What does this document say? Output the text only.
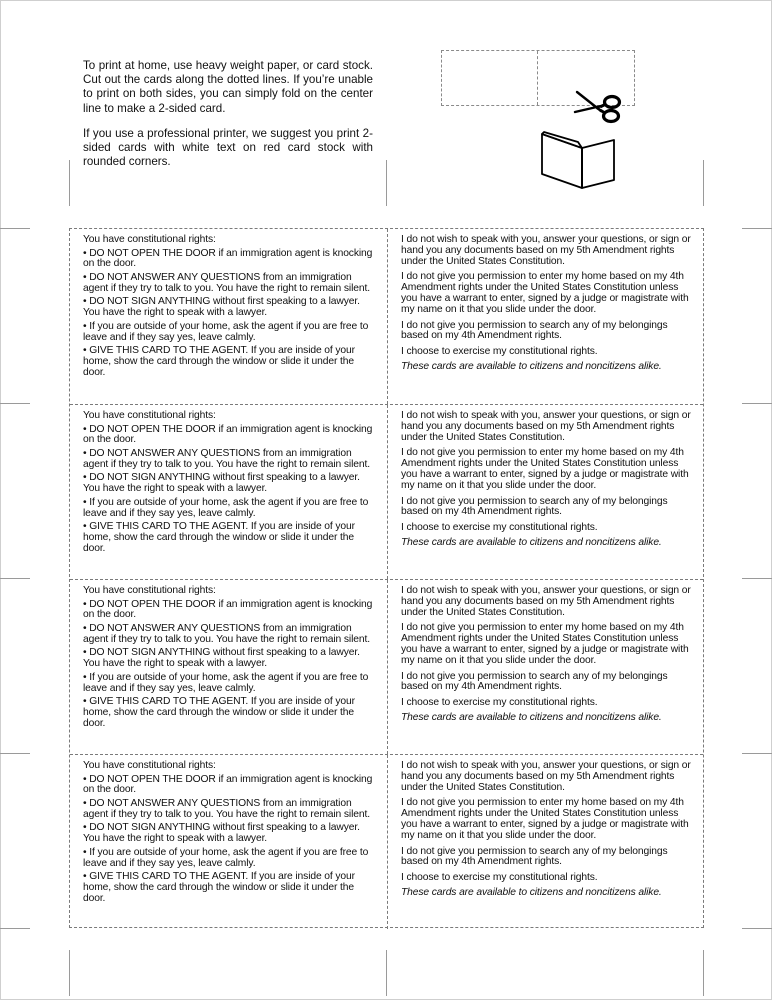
To print at home, use heavy weight paper, or card stock. Cut out the cards along the dotted lines. If you’re unable to print on both sides, you can simply fold on the center line to make a 2-sided card.

If you use a professional printer, we suggest you print 2-sided cards with white text on red card stock with rounded corners.

You have constitutional rights:
• DO NOT OPEN THE DOOR if an immigration agent is knocking on the door.
• DO NOT ANSWER ANY QUESTIONS from an immigration agent if they try to talk to you. You have the right to remain silent.
• DO NOT SIGN ANYTHING without first speaking to a lawyer. You have the right to speak with a lawyer.
• If you are outside of your home, ask the agent if you are free to leave and if they say yes, leave calmly.
• GIVE THIS CARD TO THE AGENT. If you are inside of your home, show the card through the window or slide it under the door.
I do not wish to speak with you, answer your questions, or sign or hand you any documents based on my 5th Amendment rights under the United States Constitution.
I do not give you permission to enter my home based on my 4th Amendment rights under the United States Constitution unless you have a warrant to enter, signed by a judge or magistrate with my name on it that you slide under the door.
I do not give you permission to search any of my belongings based on my 4th Amendment rights.
I choose to exercise my constitutional rights.
These cards are available to citizens and noncitizens alike.
You have constitutional rights:
• DO NOT OPEN THE DOOR if an immigration agent is knocking on the door.
• DO NOT ANSWER ANY QUESTIONS from an immigration agent if they try to talk to you. You have the right to remain silent.
• DO NOT SIGN ANYTHING without first speaking to a lawyer. You have the right to speak with a lawyer.
• If you are outside of your home, ask the agent if you are free to leave and if they say yes, leave calmly.
• GIVE THIS CARD TO THE AGENT. If you are inside of your home, show the card through the window or slide it under the door.
I do not wish to speak with you, answer your questions, or sign or hand you any documents based on my 5th Amendment rights under the United States Constitution.
I do not give you permission to enter my home based on my 4th Amendment rights under the United States Constitution unless you have a warrant to enter, signed by a judge or magistrate with my name on it that you slide under the door.
I do not give you permission to search any of my belongings based on my 4th Amendment rights.
I choose to exercise my constitutional rights.
These cards are available to citizens and noncitizens alike.
You have constitutional rights:
• DO NOT OPEN THE DOOR if an immigration agent is knocking on the door.
• DO NOT ANSWER ANY QUESTIONS from an immigration agent if they try to talk to you. You have the right to remain silent.
• DO NOT SIGN ANYTHING without first speaking to a lawyer. You have the right to speak with a lawyer.
• If you are outside of your home, ask the agent if you are free to leave and if they say yes, leave calmly.
• GIVE THIS CARD TO THE AGENT. If you are inside of your home, show the card through the window or slide it under the door.
I do not wish to speak with you, answer your questions, or sign or hand you any documents based on my 5th Amendment rights under the United States Constitution.
I do not give you permission to enter my home based on my 4th Amendment rights under the United States Constitution unless you have a warrant to enter, signed by a judge or magistrate with my name on it that you slide under the door.
I do not give you permission to search any of my belongings based on my 4th Amendment rights.
I choose to exercise my constitutional rights.
These cards are available to citizens and noncitizens alike.
You have constitutional rights:
• DO NOT OPEN THE DOOR if an immigration agent is knocking on the door.
• DO NOT ANSWER ANY QUESTIONS from an immigration agent if they try to talk to you. You have the right to remain silent.
• DO NOT SIGN ANYTHING without first speaking to a lawyer. You have the right to speak with a lawyer.
• If you are outside of your home, ask the agent if you are free to leave and if they say yes, leave calmly.
• GIVE THIS CARD TO THE AGENT. If you are inside of your home, show the card through the window or slide it under the door.
I do not wish to speak with you, answer your questions, or sign or hand you any documents based on my 5th Amendment rights under the United States Constitution.
I do not give you permission to enter my home based on my 4th Amendment rights under the United States Constitution unless you have a warrant to enter, signed by a judge or magistrate with my name on it that you slide under the door.
I do not give you permission to search any of my belongings based on my 4th Amendment rights.
I choose to exercise my constitutional rights.
These cards are available to citizens and noncitizens alike.
